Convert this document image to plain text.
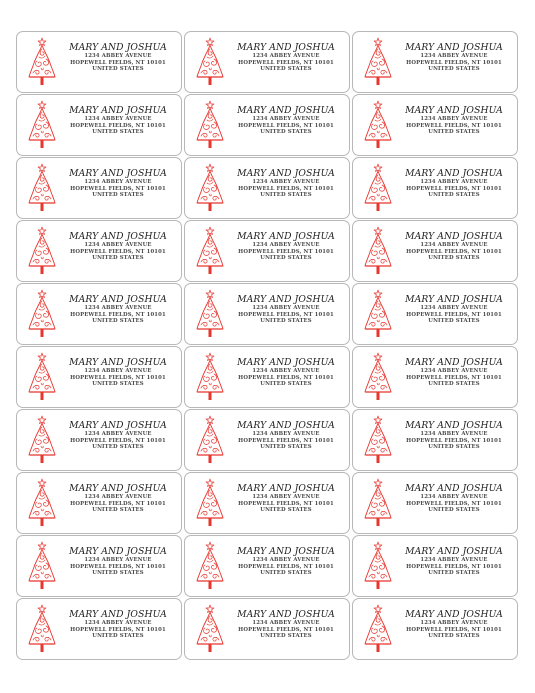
MARY AND JOSHUA
1234 ABBEY AVENUE
HOPEWELL FIELDS, NT 10101
UNITED STATES
MARY AND JOSHUA
1234 ABBEY AVENUE
HOPEWELL FIELDS, NT 10101
UNITED STATES
MARY AND JOSHUA
1234 ABBEY AVENUE
HOPEWELL FIELDS, NT 10101
UNITED STATES
MARY AND JOSHUA
1234 ABBEY AVENUE
HOPEWELL FIELDS, NT 10101
UNITED STATES
MARY AND JOSHUA
1234 ABBEY AVENUE
HOPEWELL FIELDS, NT 10101
UNITED STATES
MARY AND JOSHUA
1234 ABBEY AVENUE
HOPEWELL FIELDS, NT 10101
UNITED STATES
MARY AND JOSHUA
1234 ABBEY AVENUE
HOPEWELL FIELDS, NT 10101
UNITED STATES
MARY AND JOSHUA
1234 ABBEY AVENUE
HOPEWELL FIELDS, NT 10101
UNITED STATES
MARY AND JOSHUA
1234 ABBEY AVENUE
HOPEWELL FIELDS, NT 10101
UNITED STATES
MARY AND JOSHUA
1234 ABBEY AVENUE
HOPEWELL FIELDS, NT 10101
UNITED STATES
MARY AND JOSHUA
1234 ABBEY AVENUE
HOPEWELL FIELDS, NT 10101
UNITED STATES
MARY AND JOSHUA
1234 ABBEY AVENUE
HOPEWELL FIELDS, NT 10101
UNITED STATES
MARY AND JOSHUA
1234 ABBEY AVENUE
HOPEWELL FIELDS, NT 10101
UNITED STATES
MARY AND JOSHUA
1234 ABBEY AVENUE
HOPEWELL FIELDS, NT 10101
UNITED STATES
MARY AND JOSHUA
1234 ABBEY AVENUE
HOPEWELL FIELDS, NT 10101
UNITED STATES
MARY AND JOSHUA
1234 ABBEY AVENUE
HOPEWELL FIELDS, NT 10101
UNITED STATES
MARY AND JOSHUA
1234 ABBEY AVENUE
HOPEWELL FIELDS, NT 10101
UNITED STATES
MARY AND JOSHUA
1234 ABBEY AVENUE
HOPEWELL FIELDS, NT 10101
UNITED STATES
MARY AND JOSHUA
1234 ABBEY AVENUE
HOPEWELL FIELDS, NT 10101
UNITED STATES
MARY AND JOSHUA
1234 ABBEY AVENUE
HOPEWELL FIELDS, NT 10101
UNITED STATES
MARY AND JOSHUA
1234 ABBEY AVENUE
HOPEWELL FIELDS, NT 10101
UNITED STATES
MARY AND JOSHUA
1234 ABBEY AVENUE
HOPEWELL FIELDS, NT 10101
UNITED STATES
MARY AND JOSHUA
1234 ABBEY AVENUE
HOPEWELL FIELDS, NT 10101
UNITED STATES
MARY AND JOSHUA
1234 ABBEY AVENUE
HOPEWELL FIELDS, NT 10101
UNITED STATES
MARY AND JOSHUA
1234 ABBEY AVENUE
HOPEWELL FIELDS, NT 10101
UNITED STATES
MARY AND JOSHUA
1234 ABBEY AVENUE
HOPEWELL FIELDS, NT 10101
UNITED STATES
MARY AND JOSHUA
1234 ABBEY AVENUE
HOPEWELL FIELDS, NT 10101
UNITED STATES
MARY AND JOSHUA
1234 ABBEY AVENUE
HOPEWELL FIELDS, NT 10101
UNITED STATES
MARY AND JOSHUA
1234 ABBEY AVENUE
HOPEWELL FIELDS, NT 10101
UNITED STATES
MARY AND JOSHUA
1234 ABBEY AVENUE
HOPEWELL FIELDS, NT 10101
UNITED STATES
